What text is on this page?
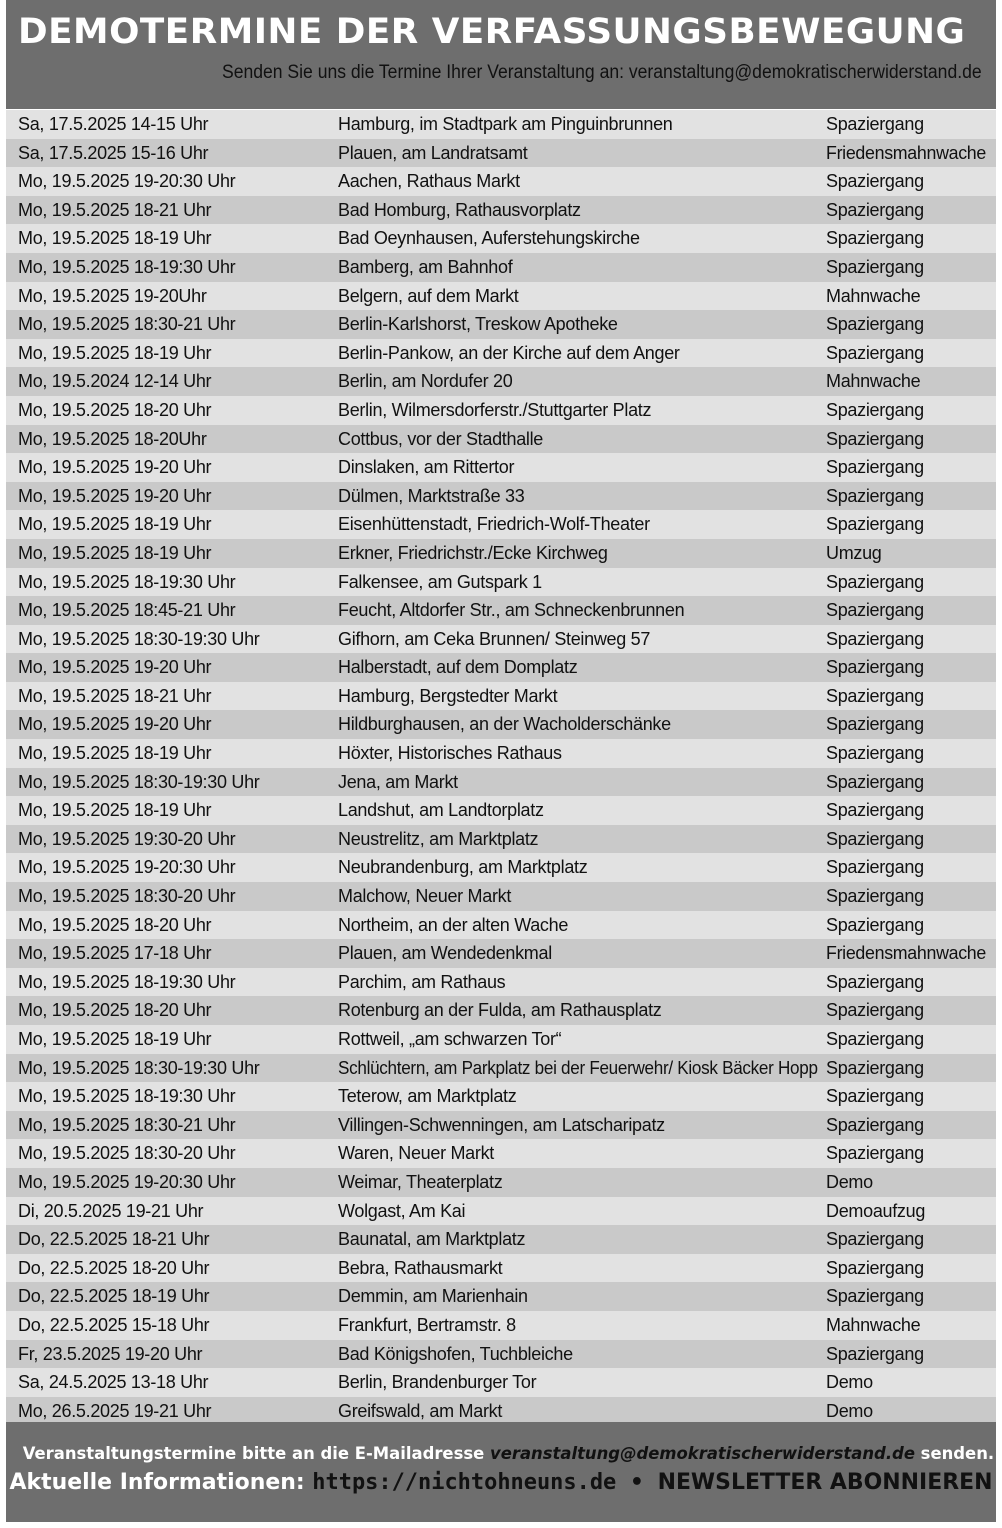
DEMOTERMINE DER VERFASSUNGSBEWEGUNG
Senden Sie uns die Termine Ihrer Veranstaltung an: veranstaltung@demokratischerwiderstand.de
Sa, 17.5.2025 14-15 Uhr	Hamburg, im Stadtpark am Pinguinbrunnen	Spaziergang
Sa, 17.5.2025 15-16 Uhr	Plauen, am Landratsamt	Friedensmahnwache
Mo, 19.5.2025 19-20:30 Uhr	Aachen, Rathaus Markt	Spaziergang
Mo, 19.5.2025 18-21 Uhr	Bad Homburg, Rathausvorplatz	Spaziergang
Mo, 19.5.2025 18-19 Uhr	Bad Oeynhausen, Auferstehungskirche	Spaziergang
Mo, 19.5.2025 18-19:30 Uhr	Bamberg, am Bahnhof	Spaziergang
Mo, 19.5.2025 19-20Uhr	Belgern, auf dem Markt	Mahnwache
Mo, 19.5.2025 18:30-21 Uhr	Berlin-Karlshorst, Treskow Apotheke	Spaziergang
Mo, 19.5.2025 18-19 Uhr	Berlin-Pankow, an der Kirche auf dem Anger	Spaziergang
Mo, 19.5.2024 12-14 Uhr	Berlin, am Nordufer 20	Mahnwache
Mo, 19.5.2025 18-20 Uhr	Berlin, Wilmersdorferstr./Stuttgarter Platz	Spaziergang
Mo, 19.5.2025 18-20Uhr	Cottbus, vor der Stadthalle	Spaziergang
Mo, 19.5.2025 19-20 Uhr	Dinslaken, am Rittertor	Spaziergang
Mo, 19.5.2025 19-20 Uhr	Dülmen, Marktstraße 33	Spaziergang
Mo, 19.5.2025 18-19 Uhr	Eisenhüttenstadt, Friedrich-Wolf-Theater	Spaziergang
Mo, 19.5.2025 18-19 Uhr	Erkner, Friedrichstr./Ecke Kirchweg	Umzug
Mo, 19.5.2025 18-19:30 Uhr	Falkensee, am Gutspark 1	Spaziergang
Mo, 19.5.2025 18:45-21 Uhr	Feucht, Altdorfer Str., am Schneckenbrunnen	Spaziergang
Mo, 19.5.2025 18:30-19:30 Uhr	Gifhorn, am Ceka Brunnen/ Steinweg 57	Spaziergang
Mo, 19.5.2025 19-20 Uhr	Halberstadt, auf dem Domplatz	Spaziergang
Mo, 19.5.2025 18-21 Uhr	Hamburg, Bergstedter Markt	Spaziergang
Mo, 19.5.2025 19-20 Uhr	Hildburghausen, an der Wacholderschänke	Spaziergang
Mo, 19.5.2025 18-19 Uhr	Höxter, Historisches Rathaus	Spaziergang
Mo, 19.5.2025 18:30-19:30 Uhr	Jena, am Markt	Spaziergang
Mo, 19.5.2025 18-19 Uhr	Landshut, am Landtorplatz	Spaziergang
Mo, 19.5.2025 19:30-20 Uhr	Neustrelitz, am Marktplatz	Spaziergang
Mo, 19.5.2025 19-20:30 Uhr	Neubrandenburg, am Marktplatz	Spaziergang
Mo, 19.5.2025 18:30-20 Uhr	Malchow, Neuer Markt	Spaziergang
Mo, 19.5.2025 18-20 Uhr	Northeim, an der alten Wache	Spaziergang
Mo, 19.5.2025 17-18 Uhr	Plauen, am Wendedenkmal	Friedensmahnwache
Mo, 19.5.2025 18-19:30 Uhr	Parchim, am Rathaus	Spaziergang
Mo, 19.5.2025 18-20 Uhr	Rotenburg an der Fulda, am Rathausplatz	Spaziergang
Mo, 19.5.2025 18-19 Uhr	Rottweil, „am schwarzen Tor“	Spaziergang
Mo, 19.5.2025 18:30-19:30 Uhr	Schlüchtern, am Parkplatz bei der Feuerwehr/ Kiosk Bäcker Hopp Spaziergang
Mo, 19.5.2025 18-19:30 Uhr	Teterow, am Marktplatz	Spaziergang
Mo, 19.5.2025 18:30-21 Uhr	Villingen-Schwenningen, am Latscharipatz	Spaziergang
Mo, 19.5.2025 18:30-20 Uhr	Waren, Neuer Markt	Spaziergang
Mo, 19.5.2025 19-20:30 Uhr	Weimar, Theaterplatz	Demo
Di, 20.5.2025 19-21 Uhr	Wolgast, Am Kai	Demoaufzug
Do, 22.5.2025 18-21 Uhr	Baunatal, am Marktplatz	Spaziergang
Do, 22.5.2025 18-20 Uhr	Bebra, Rathausmarkt	Spaziergang
Do, 22.5.2025 18-19 Uhr	Demmin, am Marienhain	Spaziergang
Do, 22.5.2025 15-18 Uhr	Frankfurt, Bertramstr. 8	Mahnwache
Fr, 23.5.2025 19-20 Uhr	Bad Königshofen, Tuchbleiche	Spaziergang
Sa, 24.5.2025 13-18 Uhr	Berlin, Brandenburger Tor	Demo
Mo, 26.5.2025 19-21 Uhr	Greifswald, am Markt	Demo
Veranstaltungstermine bitte an die E-Mailadresse veranstaltung@demokratischerwiderstand.de senden.
Aktuelle Informationen: https://nichtohneuns.de • NEWSLETTER ABONNIEREN
